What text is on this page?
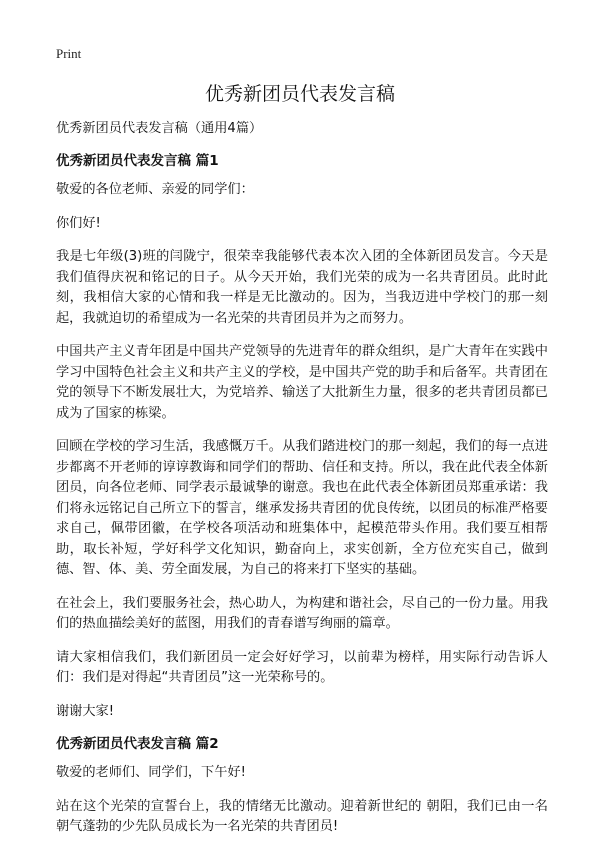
Print
优秀新团员代表发言稿
优秀新团员代表发言稿（通用4篇）
优秀新团员代表发言稿 篇1

敬爱的各位老师、亲爱的同学们：

你们好!

我是七年级(3)班的闫陇宁，很荣幸我能够代表本次入团的全体新团员发言。今天是我们值得庆祝和铭记的日子。从今天开始，我们光荣的成为一名共青团员。此时此刻，我相信大家的心情和我一样是无比激动的。因为，当我迈进中学校门的那一刻起，我就迫切的希望成为一名光荣的共青团员并为之而努力。

中国共产主义青年团是中国共产党领导的先进青年的群众组织，是广大青年在实践中学习中国特色社会主义和共产主义的学校，是中国共产党的助手和后备军。共青团在党的领导下不断发展壮大，为党培养、输送了大批新生力量，很多的老共青团员都已成为了国家的栋梁。

回顾在学校的学习生活，我感慨万千。从我们踏进校门的那一刻起，我们的每一点进步都离不开老师的谆谆教诲和同学们的帮助、信任和支持。所以，我在此代表全体新团员，向各位老师、同学表示最诚挚的谢意。我也在此代表全体新团员郑重承诺：我们将永远铭记自己所立下的誓言，继承发扬共青团的优良传统，以团员的标准严格要求自己，佩带团徽，在学校各项活动和班集体中，起模范带头作用。我们要互相帮助，取长补短，学好科学文化知识，勤奋向上，求实创新，全方位充实自己，做到德、智、体、美、劳全面发展，为自己的将来打下坚实的基础。

在社会上，我们要服务社会，热心助人，为构建和谐社会，尽自己的一份力量。用我们的热血描绘美好的蓝图，用我们的青春谱写绚丽的篇章。

请大家相信我们，我们新团员一定会好好学习，以前辈为榜样，用实际行动告诉人们：我们是对得起“共青团员”这一光荣称号的。

谢谢大家!

优秀新团员代表发言稿 篇2

敬爱的老师们、同学们，下午好!

站在这个光荣的宣誓台上，我的情绪无比激动。迎着新世纪的 朝阳，我们已由一名朝气蓬勃的少先队员成长为一名光荣的共青团员!
